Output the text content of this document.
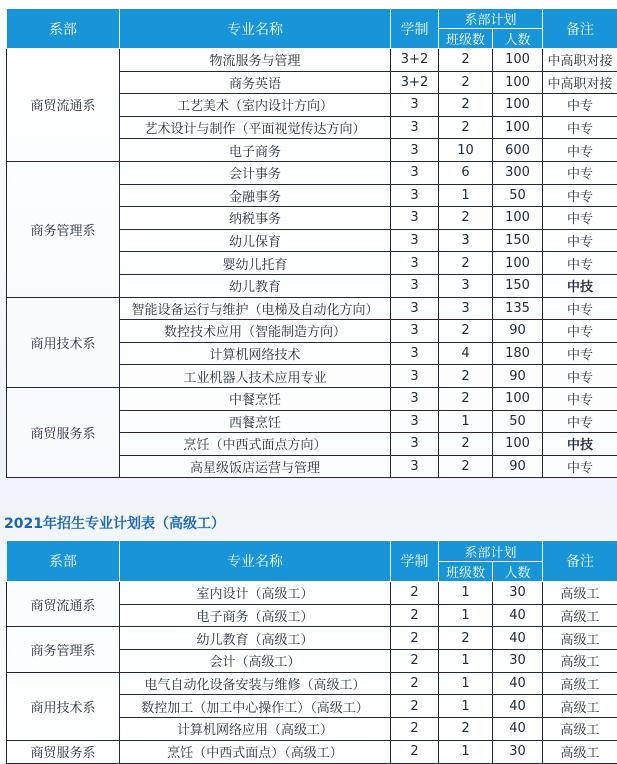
系部	专业名称	学制	系部计划		备注
			班级数	人数	
商贸流通系	物流服务与管理	3+2	2	100	中高职对接
	商务英语	3+2	2	100	中高职对接
	工艺美术（室内设计方向）	3	2	100	中专
	艺术设计与制作（平面视觉传达方向）	3	2	100	中专
	电子商务	3	10	600	中专
商务管理系	会计事务	3	6	300	中专
	金融事务	3	1	50	中专
	纳税事务	3	2	100	中专
	幼儿保育	3	3	150	中专
	婴幼儿托育	3	2	100	中专
	幼儿教育	3	3	150	中技
商用技术系	智能设备运行与维护（电梯及自动化方向）	3	3	135	中专
	数控技术应用（智能制造方向）	3	2	90	中专
	计算机网络技术	3	4	180	中专
	工业机器人技术应用专业	3	2	90	中专
商贸服务系	中餐烹饪	3	2	100	中专
	西餐烹饪	3	1	50	中专
	烹饪（中西式面点方向）	3	2	100	中技
	高星级饭店运营与管理	3	2	90	中专
2021年招生专业计划表（高级工）
系部	专业名称	学制	系部计划		备注
			班级数	人数	
商贸流通系	室内设计（高级工）	2	1	30	高级工
	电子商务（高级工）	2	1	40	高级工
商务管理系	幼儿教育（高级工）	2	2	40	高级工
	会计（高级工）	2	1	30	高级工
商用技术系	电气自动化设备安装与维修（高级工）	2	1	40	高级工
	数控加工（加工中心操作工）（高级工）	2	1	40	高级工
	计算机网络应用（高级工）	2	2	40	高级工
商贸服务系	烹饪（中西式面点）（高级工）	2	1	30	高级工
